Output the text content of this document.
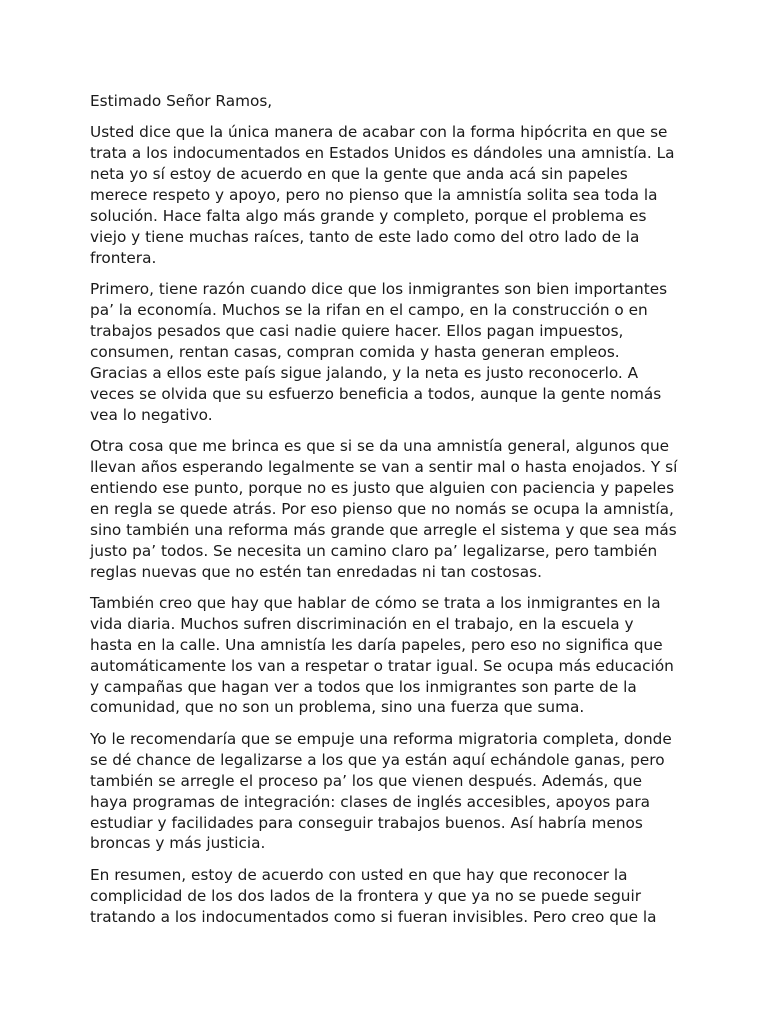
Estimado Señor Ramos,

Usted dice que la única manera de acabar con la forma hipócrita en que se trata a los indocumentados en Estados Unidos es dándoles una amnistía. La neta yo sí estoy de acuerdo en que la gente que anda acá sin papeles merece respeto y apoyo, pero no pienso que la amnistía solita sea toda la solución. Hace falta algo más grande y completo, porque el problema es viejo y tiene muchas raíces, tanto de este lado como del otro lado de la frontera.

Primero, tiene razón cuando dice que los inmigrantes son bien importantes pa’ la economía. Muchos se la rifan en el campo, en la construcción o en trabajos pesados que casi nadie quiere hacer. Ellos pagan impuestos, consumen, rentan casas, compran comida y hasta generan empleos. Gracias a ellos este país sigue jalando, y la neta es justo reconocerlo. A veces se olvida que su esfuerzo beneficia a todos, aunque la gente nomás vea lo negativo.

Otra cosa que me brinca es que si se da una amnistía general, algunos que llevan años esperando legalmente se van a sentir mal o hasta enojados. Y sí entiendo ese punto, porque no es justo que alguien con paciencia y papeles en regla se quede atrás. Por eso pienso que no nomás se ocupa la amnistía, sino también una reforma más grande que arregle el sistema y que sea más justo pa’ todos. Se necesita un camino claro pa’ legalizarse, pero también reglas nuevas que no estén tan enredadas ni tan costosas.

También creo que hay que hablar de cómo se trata a los inmigrantes en la vida diaria. Muchos sufren discriminación en el trabajo, en la escuela y hasta en la calle. Una amnistía les daría papeles, pero eso no significa que automáticamente los van a respetar o tratar igual. Se ocupa más educación y campañas que hagan ver a todos que los inmigrantes son parte de la comunidad, que no son un problema, sino una fuerza que suma.

Yo le recomendaría que se empuje una reforma migratoria completa, donde se dé chance de legalizarse a los que ya están aquí echándole ganas, pero también se arregle el proceso pa’ los que vienen después. Además, que haya programas de integración: clases de inglés accesibles, apoyos para estudiar y facilidades para conseguir trabajos buenos. Así habría menos broncas y más justicia.

En resumen, estoy de acuerdo con usted en que hay que reconocer la complicidad de los dos lados de la frontera y que ya no se puede seguir tratando a los indocumentados como si fueran invisibles. Pero creo que la
